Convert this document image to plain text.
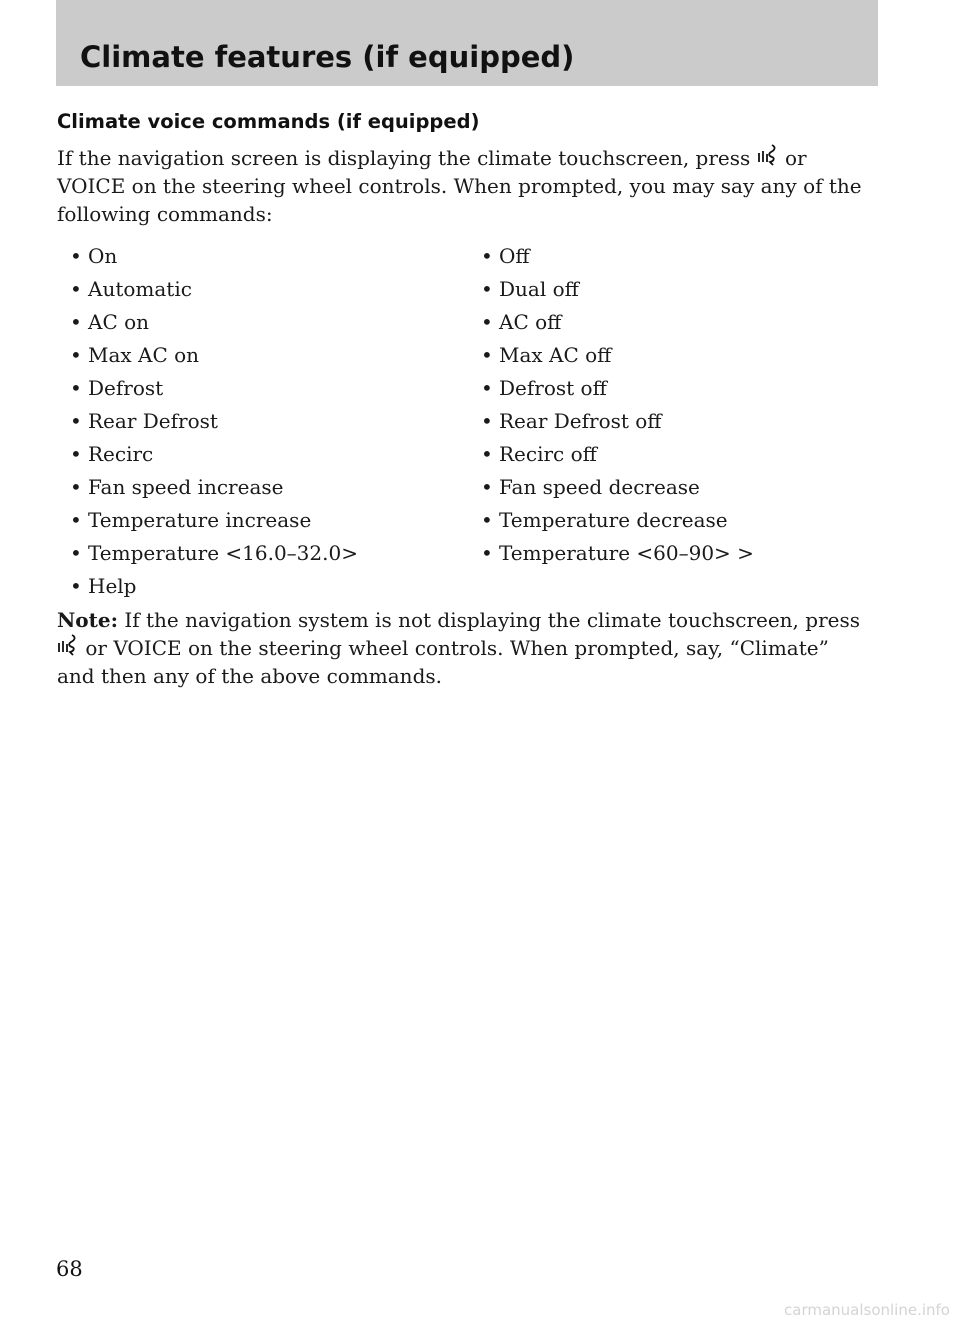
Climate features (if equipped)
Climate voice commands (if equipped)

If the navigation screen is displaying the climate touchscreen, press or VOICE on the steering wheel controls. When prompted, you may say any of the following commands:

• On	• Off
• Automatic	• Dual off
• AC on	• AC off
• Max AC on	• Max AC off
• Defrost	• Defrost off
• Rear Defrost	• Rear Defrost off
• Recirc	• Recirc off
• Fan speed increase	• Fan speed decrease
• Temperature increase	• Temperature decrease
• Temperature <16.0–32.0>	• Temperature <60–90> >
• Help

Note: If the navigation system is not displaying the climate touchscreen, press  or VOICE on the steering wheel controls. When prompted, say, “Climate” and then any of the above commands.

68
carmanualsonline.info
